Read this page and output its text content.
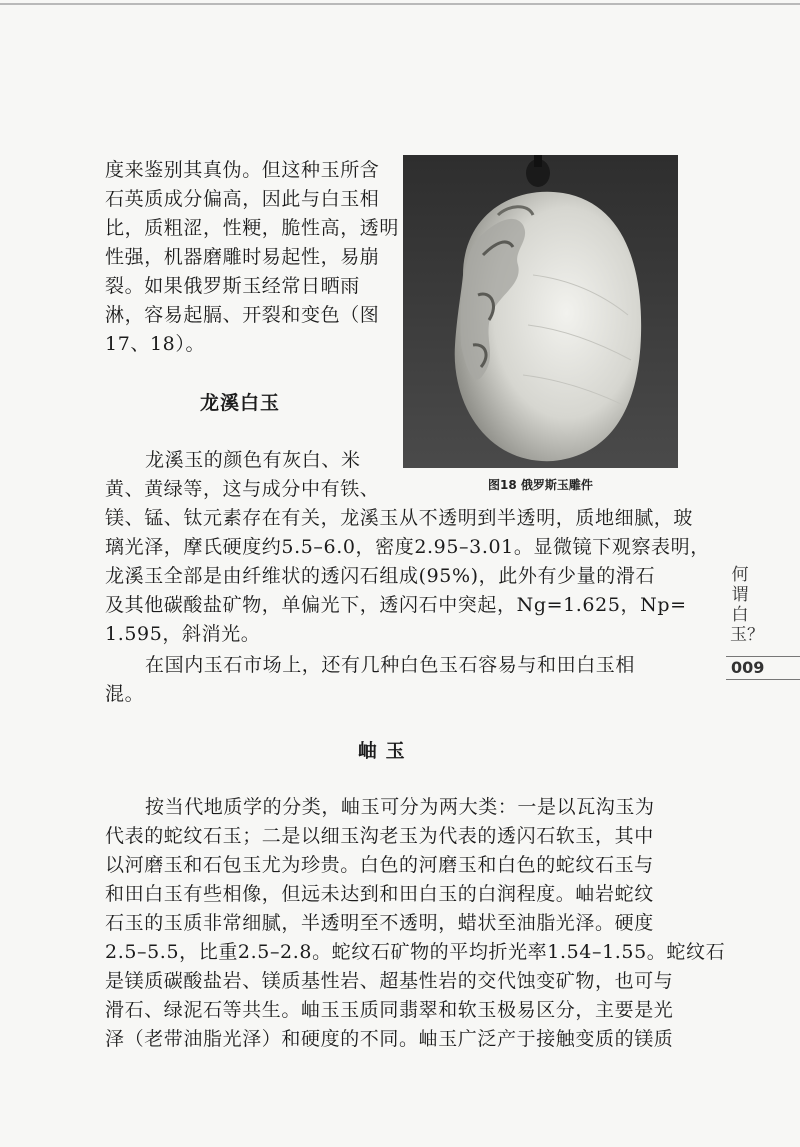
度来鉴别其真伪。但这种玉所含
石英质成分偏高，因此与白玉相
比，质粗涩，性粳，脆性高，透明
性强，机器磨雕时易起性，易崩
裂。如果俄罗斯玉经常日晒雨
淋，容易起膈、开裂和变色（图
17、18）。
龙溪白玉
龙溪玉的颜色有灰白、米
黄、黄绿等，这与成分中有铁、
镁、锰、钛元素存在有关，龙溪玉从不透明到半透明，质地细腻，玻
璃光泽，摩氏硬度约5.5–6.0，密度2.95–3.01。显微镜下观察表明，
龙溪玉全部是由纤维状的透闪石组成(95%)，此外有少量的滑石
及其他碳酸盐矿物，单偏光下，透闪石中突起，Ng=1.625，Np=
1.595，斜消光。
在国内玉石市场上，还有几种白色玉石容易与和田白玉相
混。
图18 俄罗斯玉雕件
岫 玉
按当代地质学的分类，岫玉可分为两大类：一是以瓦沟玉为
代表的蛇纹石玉；二是以细玉沟老玉为代表的透闪石软玉，其中
以河磨玉和石包玉尤为珍贵。白色的河磨玉和白色的蛇纹石玉与
和田白玉有些相像，但远未达到和田白玉的白润程度。岫岩蛇纹
石玉的玉质非常细腻，半透明至不透明，蜡状至油脂光泽。硬度
2.5–5.5，比重2.5–2.8。蛇纹石矿物的平均折光率1.54–1.55。蛇纹石
是镁质碳酸盐岩、镁质基性岩、超基性岩的交代蚀变矿物，也可与
滑石、绿泥石等共生。岫玉玉质同翡翠和软玉极易区分，主要是光
泽（老带油脂光泽）和硬度的不同。岫玉广泛产于接触变质的镁质
何谓白玉？
009
